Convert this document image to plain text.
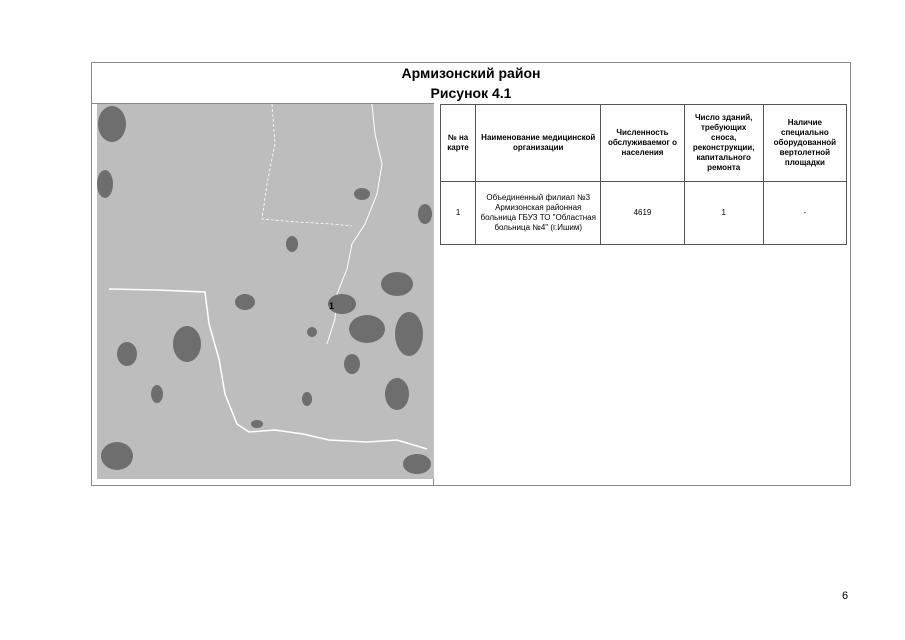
Армизонский район
Рисунок 4.1
1
№ на карте	Наименование медицинской организации	Численность обслуживаемог о населения	Число зданий, требующих сноса, реконструкции, капитального ремонта	Наличие специально оборудованной вертолетной площадки
1	Объединенный филиал №3 Армизонская районная больница ГБУЗ ТО "Областная больница №4" (г.Ишим)	4619	1	-
6
